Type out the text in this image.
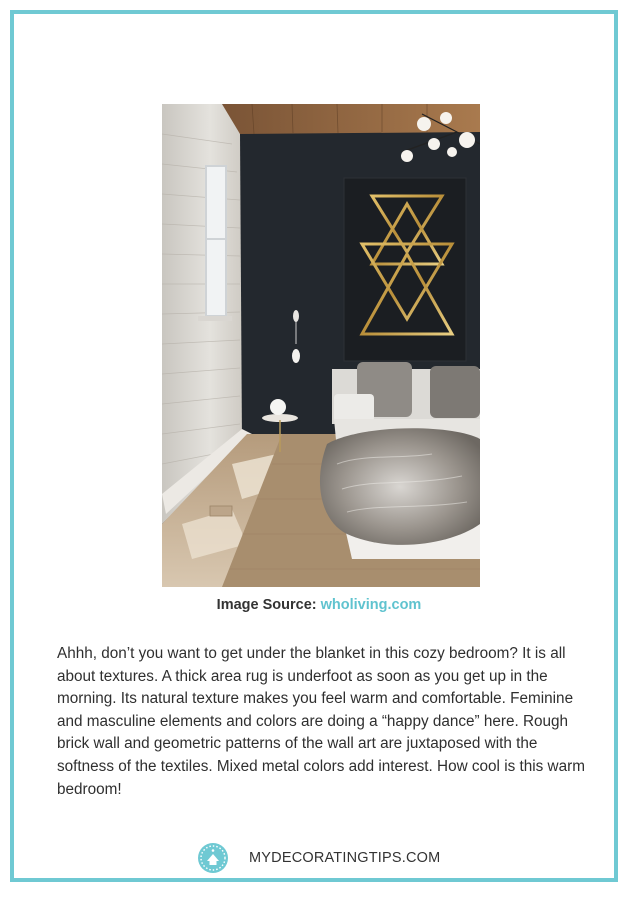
Image Source: wholiving.com

Ahhh, don’t you want to get under the blanket in this cozy bedroom? It is all about textures. A thick area rug is underfoot as soon as you get up in the morning. Its natural texture makes you feel warm and comfortable. Feminine and masculine elements and colors are doing a “happy dance” here. Rough brick wall and geometric patterns of the wall art are juxtaposed with the softness of the textiles. Mixed metal colors add interest. How cool is this warm bedroom!

MYDECORATINGTIPS.COM
